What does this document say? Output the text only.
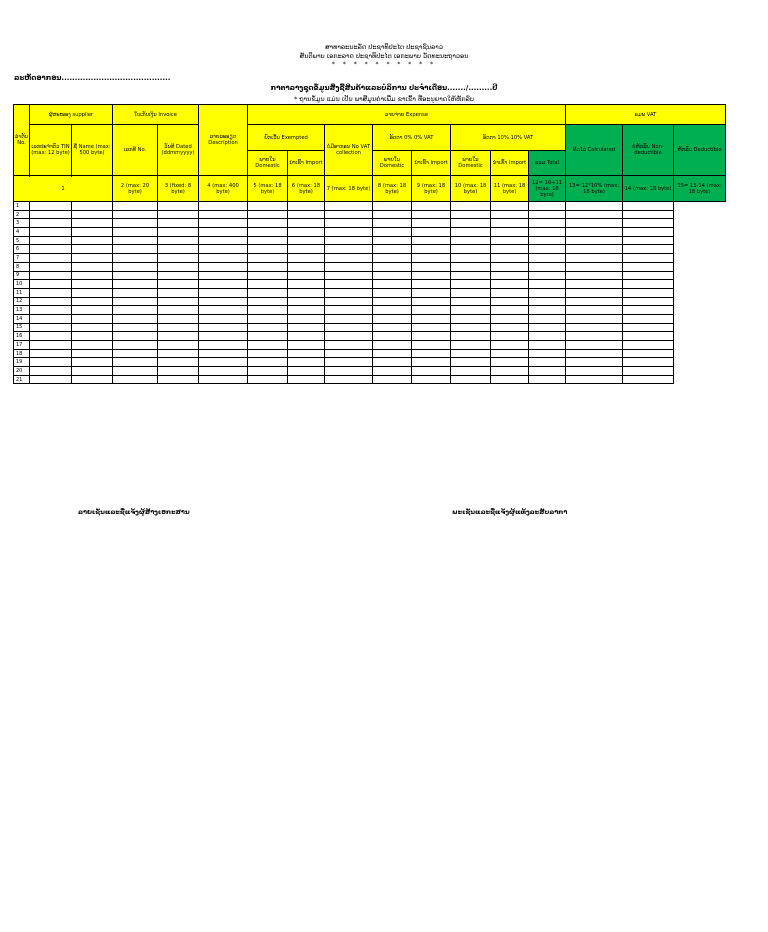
ສາທາລະນະລັດ ປະຊາທິປະໄຕ ປະຊາຊົນລາວ
ສັນຕິພາບ ເອກະລາດ ປະຊາທິປະໄຕ ເອກະພາບ ວັດທະນະຖາວອນ
* * * * * * * * * *
ລະຫັດອາກອນ.........................................
ກາຕາລາງຊຸດຂໍ້ມູນສິ່ງຊື້ສິນຄ້າແລະບໍລິການ ປະຈຳເດືອນ......./.........ປີ
* ຖານຂໍ້ມູນ ແມ່ນ ເປັນ ພາສີມູນຄ່າເພີ່ມ ຂາເຂົ້າ ທີ່ອະນຸຍາດໃຫ້ຫັກລົບ
ລຳດັບ No.	ຜູ້ສະໜອງ supplier		ໃບເກັບເງິນ Invoice		ລາຍລະອຽດ Description	ລາຍຈ່າຍ Expense								ອມພ VAT		
	ເລກປະຈຳຕົວ TIN (max: 12 byte)	ຊື່ Name (max: 500 byte)	ເລກທີ No.	ວັນທີ Dated (ddmmyyyy)		ຍົກເວັ້ນ Exempted		ບໍ່ມີອາກອນ No VAT collection	ອັດຕາ 0% 0% VAT		ອັດຕາ 10% 10% VAT			ຄິດໄລ່ Calculated	ບໍ່ຫັກລົບ Non-deductible	ຫັກລົບ Deductible
						ພາຍໃນ Domestic	ນຳເຂົ້າ Import		ພາຍໃນ Domestic	ນຳເຂົ້າ Import	ພາຍໃນ Domestic	ນຳເຂົ້າ Import	ລວມ Total			

1			2 (max: 20 byte)	3 (fixed: 8 byte)	4 (max: 400 byte)	5 (max: 18 byte)	6 (max: 18 byte)	7 (max: 18 byte)	8 (max: 18 byte)	9 (max: 18 byte)	10 (max: 18 byte)	11 (max: 18 byte)	12= 10+11 (max: 18 byte)	13= 12*10% (max: 18 byte)	14 (max: 18 byte)	15= 13-14 (max: 18 byte)
1																
2																
3																
4																
5																
6																
7																
8																
9																
10																
11																
12																
13																
14																
15																
16																
17																
18																
19																
20																
21																
ລາຍເຊັນແລະຊື່ແຈ້ງຜູ້ສ້າງເອກະສານ	ພະເຊັນແລະຊື່ແຈ້ງຜູ້ແທ້ງລະສັບລາກາ
